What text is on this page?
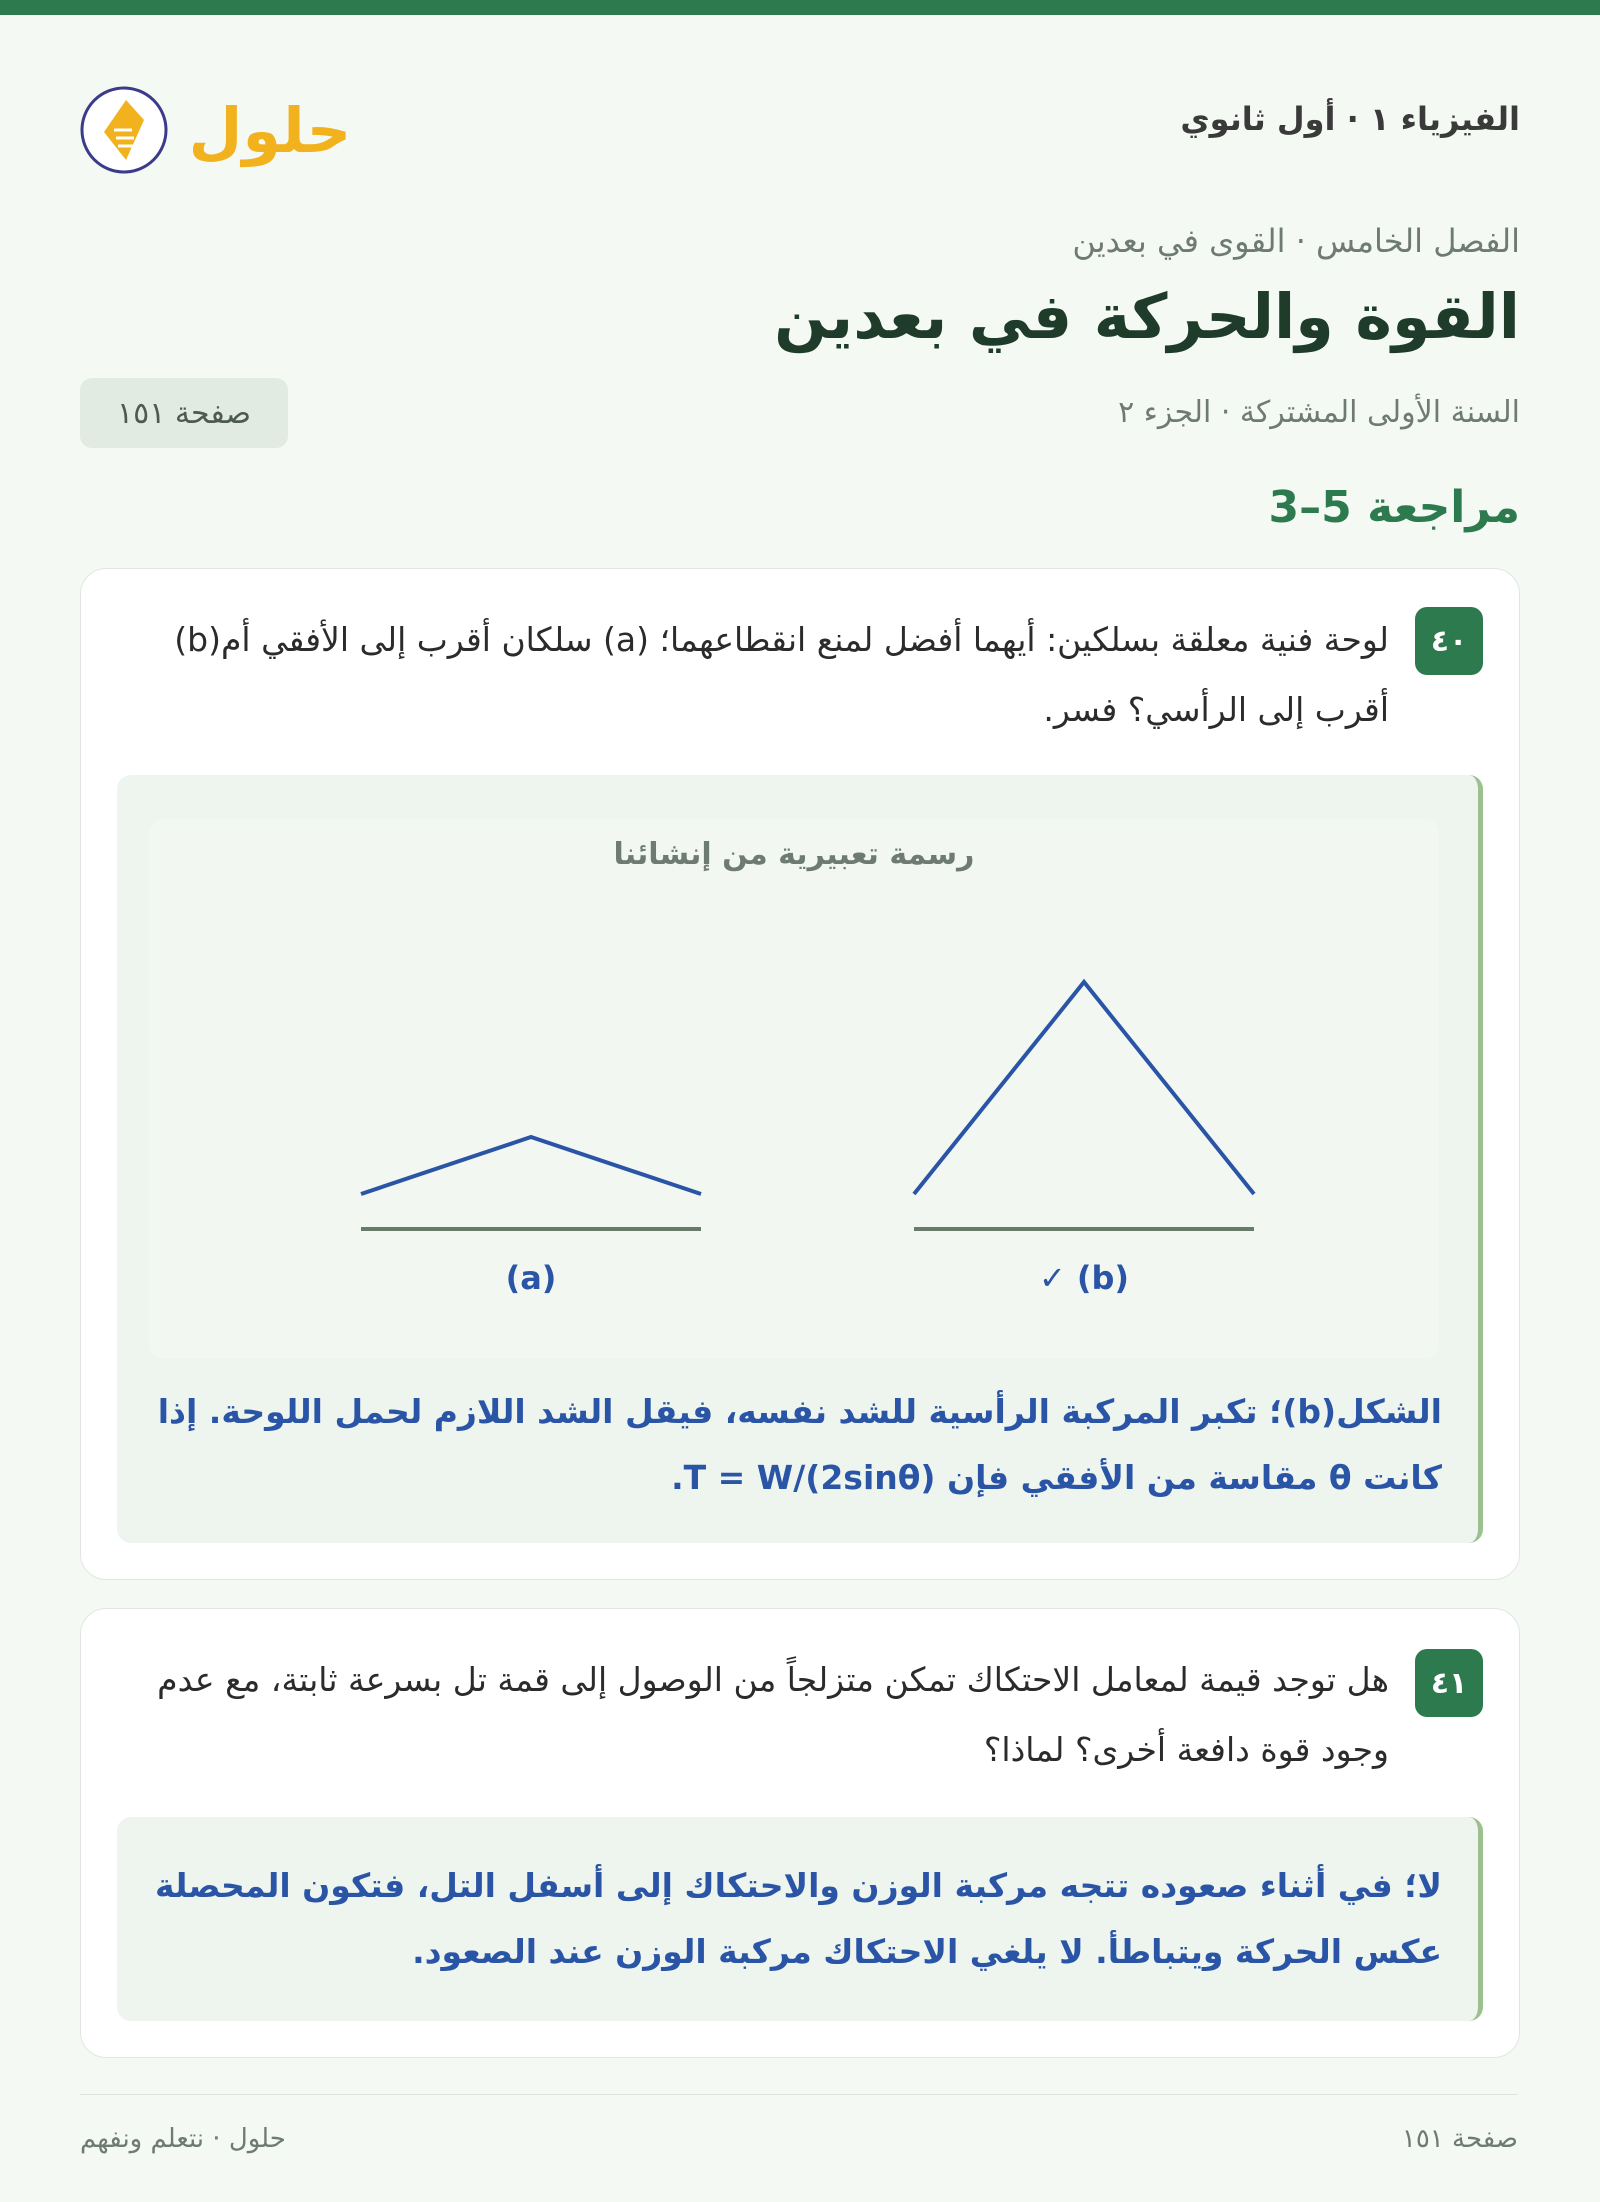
الفيزياء ١ · أول ثانوي
حلول
الفصل الخامس · القوى في بعدين
القوة والحركة في بعدين
السنة الأولى المشتركة · الجزء ٢
صفحة ١٥١
مراجعة 5–3
٤٠
لوحة فنية معلقة بسلكين: أيهما أفضل لمنع انقطاعهما؛ (a) سلكان أقرب إلى الأفقي أم(b) أقرب إلى الرأسي؟ فسر.
رسمة تعبيرية من إنشائنا
(a)	✓ (b)
الشكل(b)؛ تكبر المركبة الرأسية للشد نفسه، فيقل الشد اللازم لحمل اللوحة. إذا كانت θ مقاسة من الأفقي فإن T = W/(2sinθ).
٤١
هل توجد قيمة لمعامل الاحتكاك تمكن متزلجاً من الوصول إلى قمة تل بسرعة ثابتة، مع عدم وجود قوة دافعة أخرى؟ لماذا؟
لا؛ في أثناء صعوده تتجه مركبة الوزن والاحتكاك إلى أسفل التل، فتكون المحصلة عكس الحركة ويتباطأ. لا يلغي الاحتكاك مركبة الوزن عند الصعود.
حلول · نتعلم ونفهم	صفحة ١٥١
